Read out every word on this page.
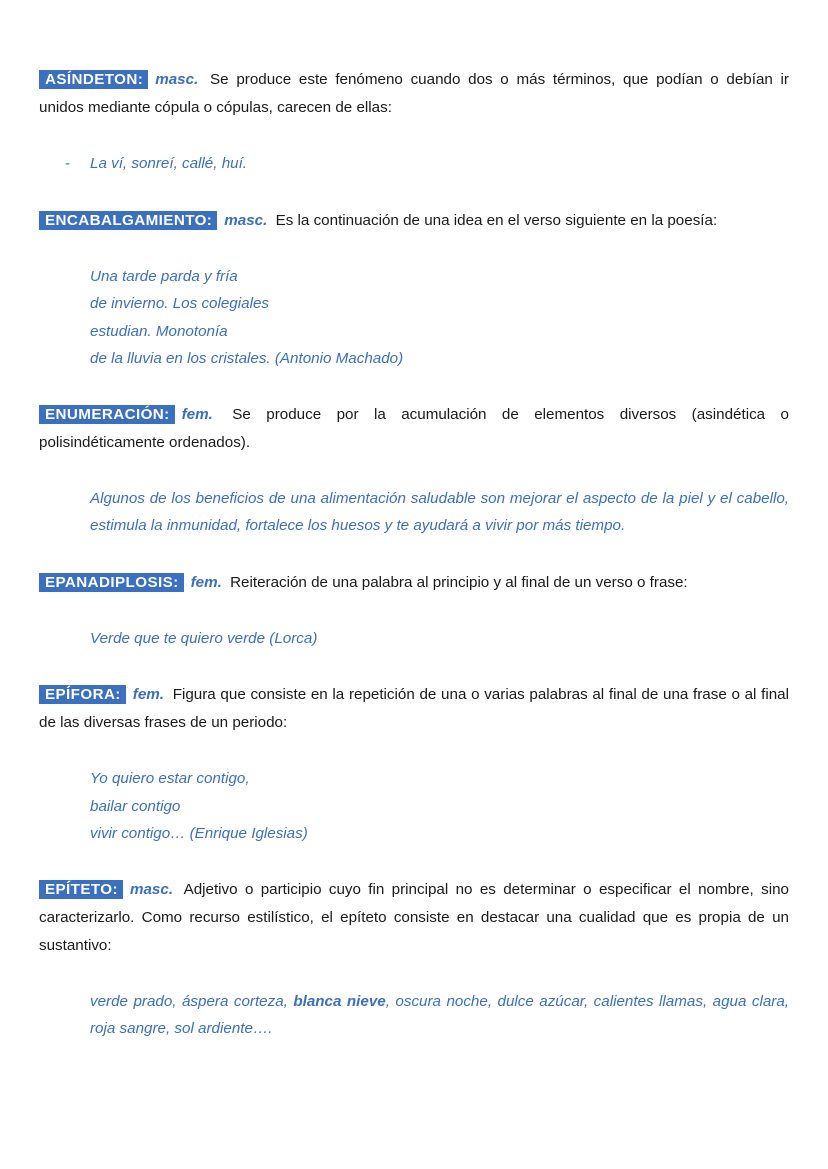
ASÍNDETON: masc. Se produce este fenómeno cuando dos o más términos, que podían o debían ir unidos mediante cópula o cópulas, carecen de ellas:

- La ví, sonreí, callé, huí.

ENCABALGAMIENTO: masc. Es la continuación de una idea en el verso siguiente en la poesía:

Una tarde parda y fría
de invierno. Los colegiales
estudian. Monotonía
de la lluvia en los cristales. (Antonio Machado)

ENUMERACIÓN: fem. Se produce por la acumulación de elementos diversos (asindética o polisindéticamente ordenados).

Algunos de los beneficios de una alimentación saludable son mejorar el aspecto de la piel y el cabello, estimula la inmunidad, fortalece los huesos y te ayudará a vivir por más tiempo.

EPANADIPLOSIS: fem. Reiteración de una palabra al principio y al final de un verso o frase:

Verde que te quiero verde (Lorca)

EPÍFORA: fem. Figura que consiste en la repetición de una o varias palabras al final de una frase o al final de las diversas frases de un periodo:

Yo quiero estar contigo,
bailar contigo
vivir contigo… (Enrique Iglesias)

EPÍTETO: masc. Adjetivo o participio cuyo fin principal no es determinar o especificar el nombre, sino caracterizarlo. Como recurso estilístico, el epíteto consiste en destacar una cualidad que es propia de un sustantivo:

verde prado, áspera corteza, blanca nieve, oscura noche, dulce azúcar, calientes llamas, agua clara, roja sangre, sol ardiente….
